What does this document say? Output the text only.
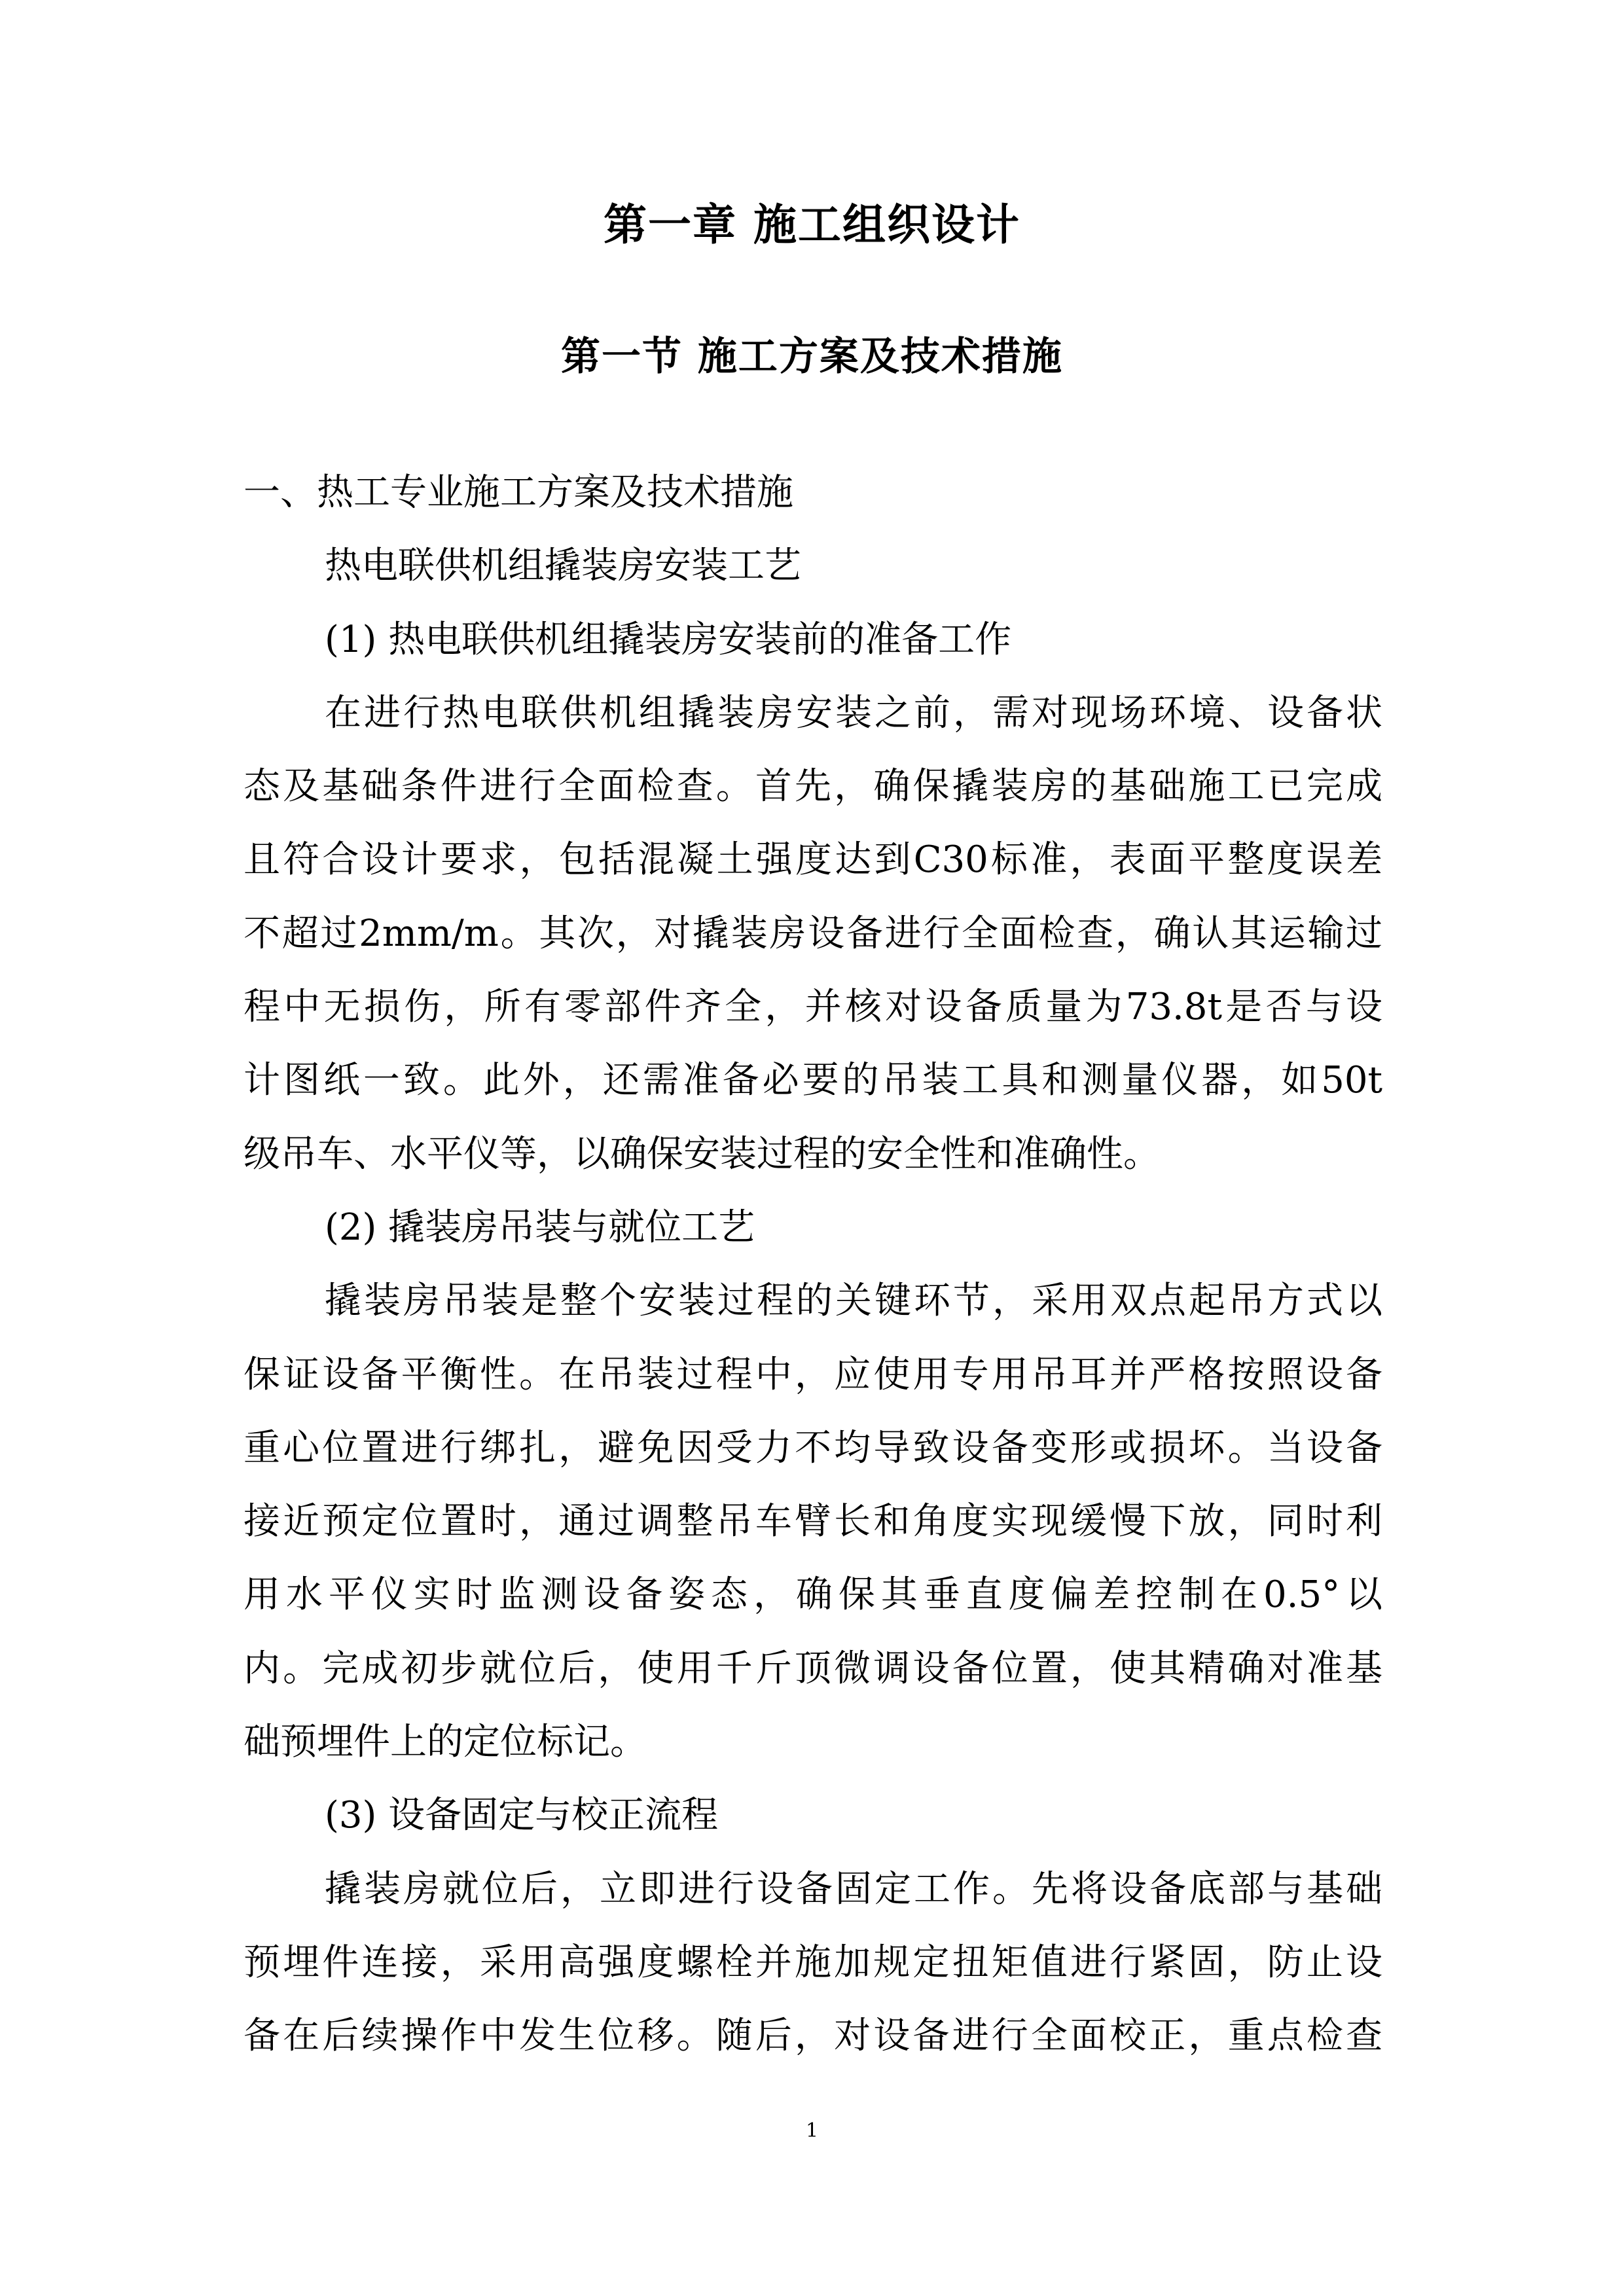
第一章 施工组织设计
第一节 施工方案及技术措施
一、热工专业施工方案及技术措施
热电联供机组撬装房安装工艺
(1) 热电联供机组撬装房安装前的准备工作
在进行热电联供机组撬装房安装之前，需对现场环境、设备状
态及基础条件进行全面检查。首先，确保撬装房的基础施工已完成
且符合设计要求，包括混凝土强度达到C30标准，表面平整度误差
不超过2mm/m。其次，对撬装房设备进行全面检查，确认其运输过
程中无损伤，所有零部件齐全，并核对设备质量为73.8t是否与设
计图纸一致。此外，还需准备必要的吊装工具和测量仪器，如50t
级吊车、水平仪等，以确保安装过程的安全性和准确性。
(2) 撬装房吊装与就位工艺
撬装房吊装是整个安装过程的关键环节，采用双点起吊方式以
保证设备平衡性。在吊装过程中，应使用专用吊耳并严格按照设备
重心位置进行绑扎，避免因受力不均导致设备变形或损坏。当设备
接近预定位置时，通过调整吊车臂长和角度实现缓慢下放，同时利
用水平仪实时监测设备姿态，确保其垂直度偏差控制在0.5°以
内。完成初步就位后，使用千斤顶微调设备位置，使其精确对准基
础预埋件上的定位标记。
(3) 设备固定与校正流程
撬装房就位后，立即进行设备固定工作。先将设备底部与基础
预埋件连接，采用高强度螺栓并施加规定扭矩值进行紧固，防止设
备在后续操作中发生位移。随后，对设备进行全面校正，重点检查
1
